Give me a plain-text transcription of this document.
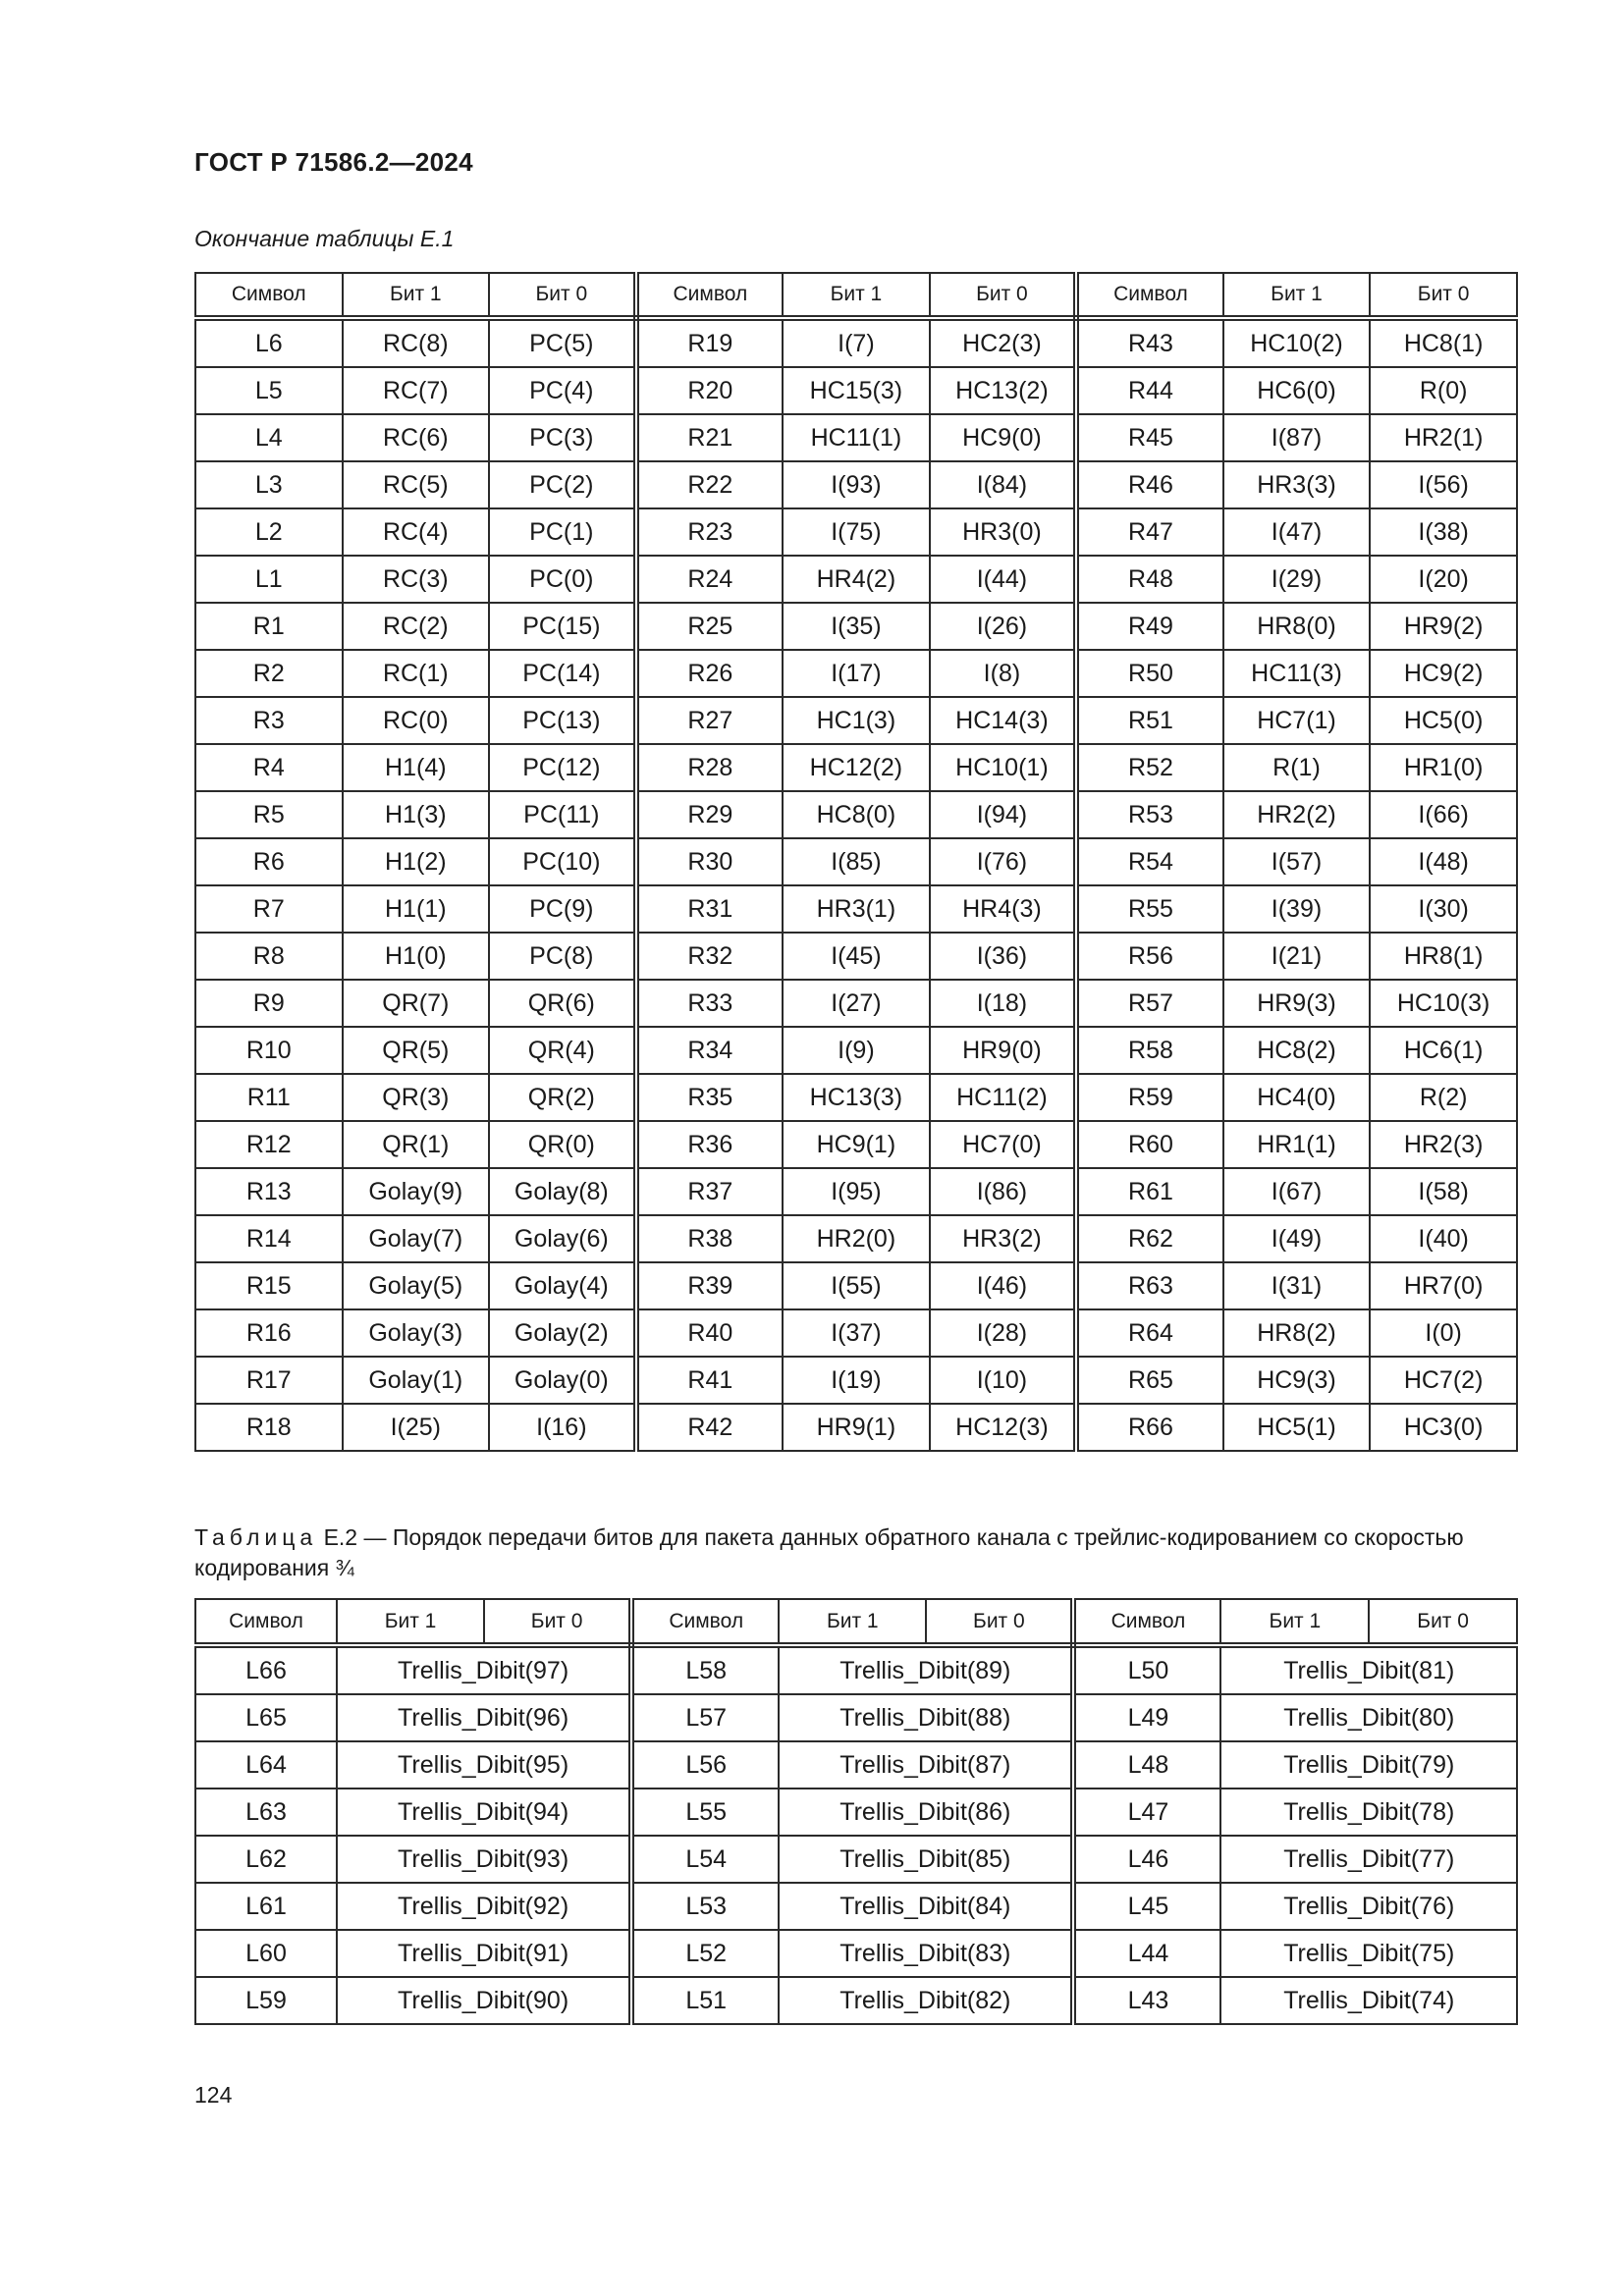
ГОСТ Р 71586.2—2024
Окончание таблицы Е.1
Символ	Бит 1	Бит 0	Символ	Бит 1	Бит 0	Символ	Бит 1	Бит 0
L6	RC(8)	PC(5)	R19	I(7)	HC2(3)	R43	HC10(2)	HC8(1)
L5	RC(7)	PC(4)	R20	HC15(3)	HC13(2)	R44	HC6(0)	R(0)
L4	RC(6)	PC(3)	R21	HC11(1)	HC9(0)	R45	I(87)	HR2(1)
L3	RC(5)	PC(2)	R22	I(93)	I(84)	R46	HR3(3)	I(56)
L2	RC(4)	PC(1)	R23	I(75)	HR3(0)	R47	I(47)	I(38)
L1	RC(3)	PC(0)	R24	HR4(2)	I(44)	R48	I(29)	I(20)
R1	RC(2)	PC(15)	R25	I(35)	I(26)	R49	HR8(0)	HR9(2)
R2	RC(1)	PC(14)	R26	I(17)	I(8)	R50	HC11(3)	HC9(2)
R3	RC(0)	PC(13)	R27	HC1(3)	HC14(3)	R51	HC7(1)	HC5(0)
R4	H1(4)	PC(12)	R28	HC12(2)	HC10(1)	R52	R(1)	HR1(0)
R5	H1(3)	PC(11)	R29	HC8(0)	I(94)	R53	HR2(2)	I(66)
R6	H1(2)	PC(10)	R30	I(85)	I(76)	R54	I(57)	I(48)
R7	H1(1)	PC(9)	R31	HR3(1)	HR4(3)	R55	I(39)	I(30)
R8	H1(0)	PC(8)	R32	I(45)	I(36)	R56	I(21)	HR8(1)
R9	QR(7)	QR(6)	R33	I(27)	I(18)	R57	HR9(3)	HC10(3)
R10	QR(5)	QR(4)	R34	I(9)	HR9(0)	R58	HC8(2)	HC6(1)
R11	QR(3)	QR(2)	R35	HC13(3)	HC11(2)	R59	HC4(0)	R(2)
R12	QR(1)	QR(0)	R36	HC9(1)	HC7(0)	R60	HR1(1)	HR2(3)
R13	Golay(9)	Golay(8)	R37	I(95)	I(86)	R61	I(67)	I(58)
R14	Golay(7)	Golay(6)	R38	HR2(0)	HR3(2)	R62	I(49)	I(40)
R15	Golay(5)	Golay(4)	R39	I(55)	I(46)	R63	I(31)	HR7(0)
R16	Golay(3)	Golay(2)	R40	I(37)	I(28)	R64	HR8(2)	I(0)
R17	Golay(1)	Golay(0)	R41	I(19)	I(10)	R65	HC9(3)	HC7(2)
R18	I(25)	I(16)	R42	HR9(1)	HC12(3)	R66	HC5(1)	HC3(0)
Таблица Е.2 — Порядок передачи битов для пакета данных обратного канала с трейлис-кодированием со скоростью кодирования ¾
Символ	Бит 1	Бит 0	Символ	Бит 1	Бит 0	Символ	Бит 1	Бит 0
L66	Trellis_Dibit(97)		L58	Trellis_Dibit(89)		L50	Trellis_Dibit(81)	
L65	Trellis_Dibit(96)		L57	Trellis_Dibit(88)		L49	Trellis_Dibit(80)	
L64	Trellis_Dibit(95)		L56	Trellis_Dibit(87)		L48	Trellis_Dibit(79)	
L63	Trellis_Dibit(94)		L55	Trellis_Dibit(86)		L47	Trellis_Dibit(78)	
L62	Trellis_Dibit(93)		L54	Trellis_Dibit(85)		L46	Trellis_Dibit(77)	
L61	Trellis_Dibit(92)		L53	Trellis_Dibit(84)		L45	Trellis_Dibit(76)	
L60	Trellis_Dibit(91)		L52	Trellis_Dibit(83)		L44	Trellis_Dibit(75)	
L59	Trellis_Dibit(90)		L51	Trellis_Dibit(82)		L43	Trellis_Dibit(74)	
124
